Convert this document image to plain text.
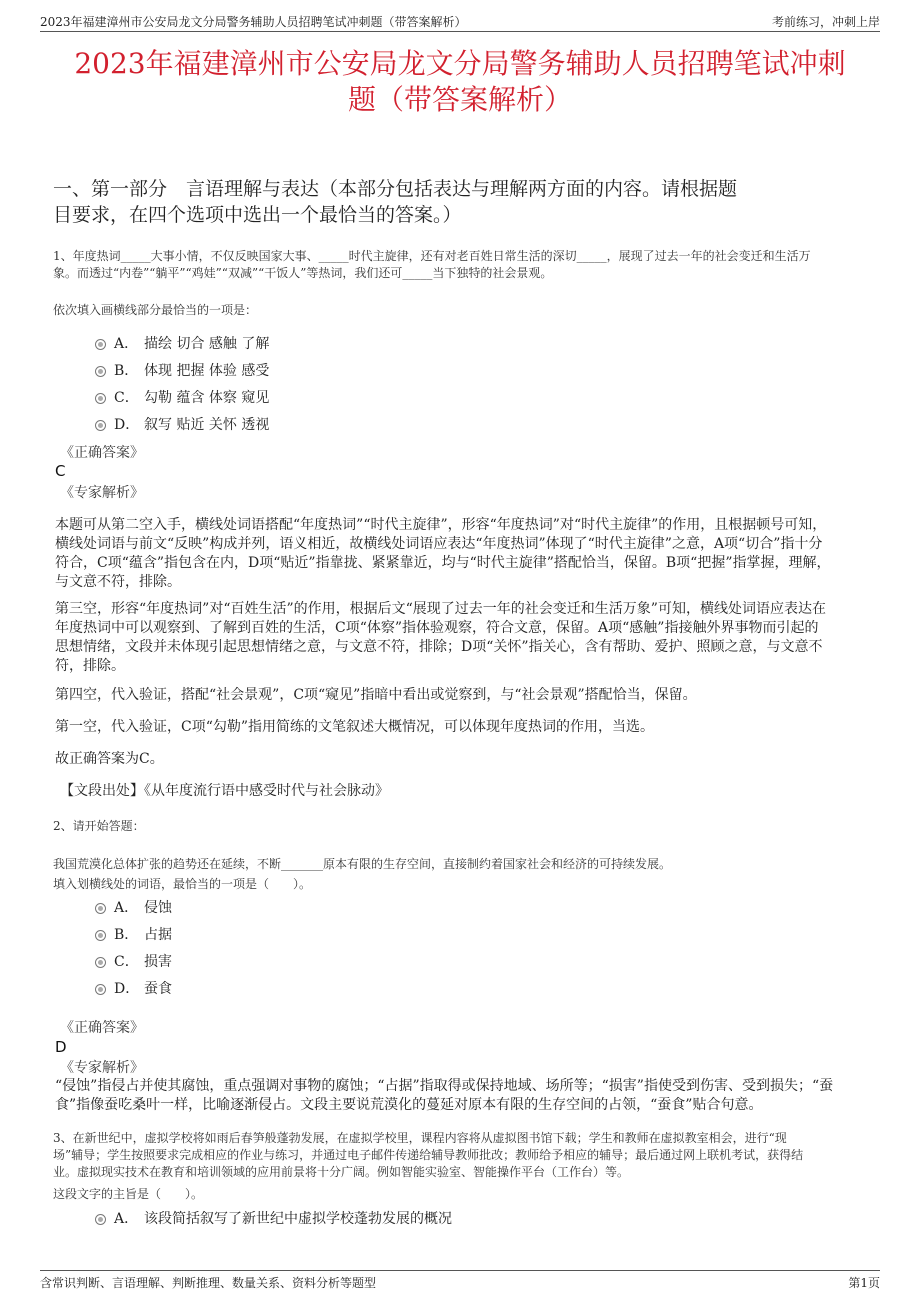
2023年福建漳州市公安局龙文分局警务辅助人员招聘笔试冲刺题（带答案解析）	考前练习，冲刺上岸
2023年福建漳州市公安局龙文分局警务辅助人员招聘笔试冲刺
题（带答案解析）
一、第一部分　言语理解与表达（本部分包括表达与理解两方面的内容。请根据题
目要求，在四个选项中选出一个最恰当的答案。）
1、年度热词_____大事小情，不仅反映国家大事、_____时代主旋律，还有对老百姓日常生活的深切_____，展现了过去一年的社会变迁和生活万
象。而透过“内卷”“躺平”“鸡娃”“双减”“干饭人”等热词，我们还可_____当下独特的社会景观。
依次填入画横线部分最恰当的一项是：
A． 描绘 切合 感触 了解
B． 体现 把握 体验 感受
C． 勾勒 蕴含 体察 窥见
D． 叙写 贴近 关怀 透视
《正确答案》
C
《专家解析》
本题可从第二空入手，横线处词语搭配“年度热词”“时代主旋律”，形容“年度热词”对“时代主旋律”的作用，且根据顿号可知，
横线处词语与前文“反映”构成并列，语义相近，故横线处词语应表达“年度热词”体现了“时代主旋律”之意，A项“切合”指十分
符合，C项“蕴含”指包含在内，D项“贴近”指靠拢、紧紧靠近，均与“时代主旋律”搭配恰当，保留。B项“把握”指掌握，理解，
与文意不符，排除。
第三空，形容“年度热词”对“百姓生活”的作用，根据后文“展现了过去一年的社会变迁和生活万象”可知，横线处词语应表达在
年度热词中可以观察到、了解到百姓的生活，C项“体察”指体验观察，符合文意，保留。A项“感触”指接触外界事物而引起的
思想情绪，文段并未体现引起思想情绪之意，与文意不符，排除；D项“关怀”指关心，含有帮助、爱护、照顾之意，与文意不
符，排除。
第四空，代入验证，搭配“社会景观”，C项“窥见”指暗中看出或觉察到，与“社会景观”搭配恰当，保留。
第一空，代入验证，C项“勾勒”指用简练的文笔叙述大概情况，可以体现年度热词的作用，当选。
故正确答案为C。
【文段出处】《从年度流行语中感受时代与社会脉动》
2、请开始答题：
我国荒漠化总体扩张的趋势还在延续，不断_______原本有限的生存空间，直接制约着国家社会和经济的可持续发展。
填入划横线处的词语，最恰当的一项是（　　）。
A． 侵蚀
B． 占据
C． 损害
D． 蚕食
《正确答案》
D
《专家解析》
“侵蚀”指侵占并使其腐蚀，重点强调对事物的腐蚀；“占据”指取得或保持地域、场所等；“损害”指使受到伤害、受到损失；“蚕
食”指像蚕吃桑叶一样，比喻逐渐侵占。文段主要说荒漠化的蔓延对原本有限的生存空间的占领，“蚕食”贴合句意。
3、在新世纪中，虚拟学校将如雨后春笋般蓬勃发展，在虚拟学校里，课程内容将从虚拟图书馆下载；学生和教师在虚拟教室相会，进行“现
场”辅导；学生按照要求完成相应的作业与练习，并通过电子邮件传递给辅导教师批改；教师给予相应的辅导；最后通过网上联机考试，获得结
业。虚拟现实技术在教育和培训领域的应用前景将十分广阔。例如智能实验室、智能操作平台（工作台）等。
这段文字的主旨是（　　）。
A． 该段简括叙写了新世纪中虚拟学校蓬勃发展的概况
含常识判断、言语理解、判断推理、数量关系、资料分析等题型	第1页
